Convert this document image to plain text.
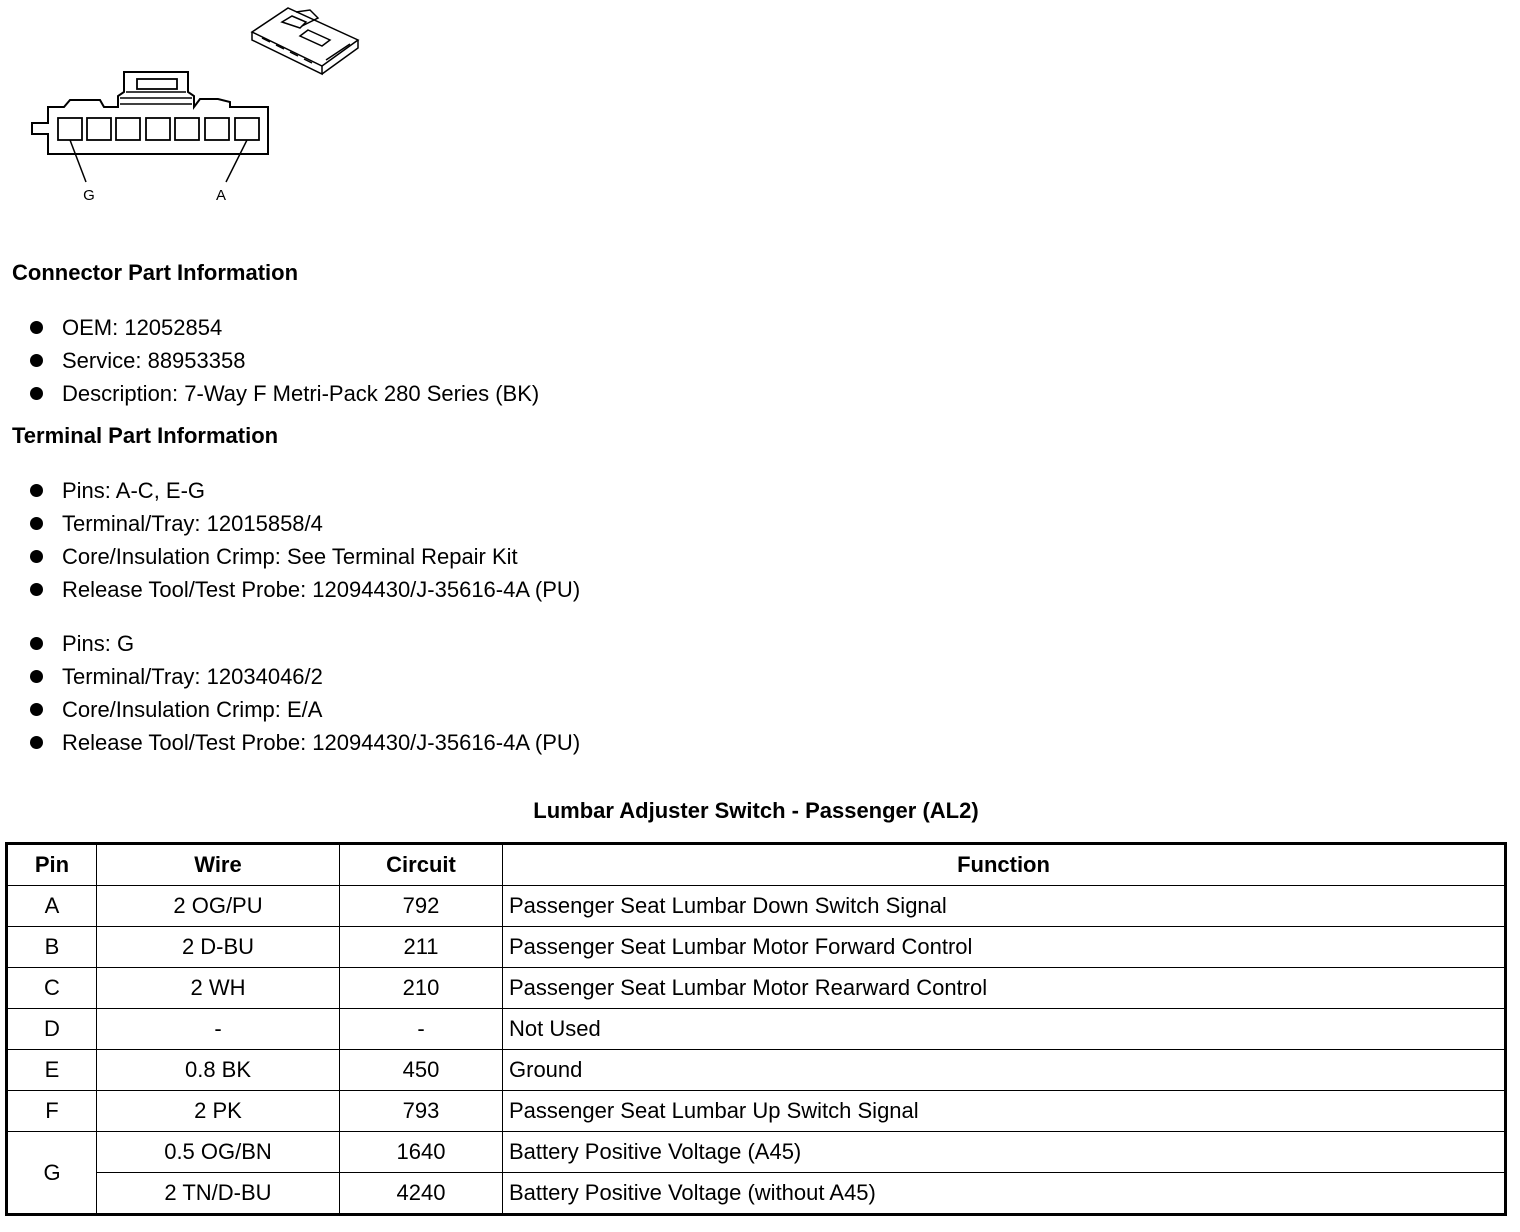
G	A
Connector Part Information
OEM: 12052854
Service: 88953358
Description: 7-Way F Metri-Pack 280 Series (BK)
Terminal Part Information
Pins: A-C, E-G
Terminal/Tray: 12015858/4
Core/Insulation Crimp: See Terminal Repair Kit
Release Tool/Test Probe: 12094430/J-35616-4A (PU)
Pins: G
Terminal/Tray: 12034046/2
Core/Insulation Crimp: E/A
Release Tool/Test Probe: 12094430/J-35616-4A (PU)
Lumbar Adjuster Switch - Passenger (AL2)
Pin	Wire	Circuit	Function
A	2 OG/PU	792	Passenger Seat Lumbar Down Switch Signal
B	2 D-BU	211	Passenger Seat Lumbar Motor Forward Control
C	2 WH	210	Passenger Seat Lumbar Motor Rearward Control
D	-	-	Not Used
E	0.8 BK	450	Ground
F	2 PK	793	Passenger Seat Lumbar Up Switch Signal
G	0.5 OG/BN	1640	Battery Positive Voltage (A45)
	2 TN/D-BU	4240	Battery Positive Voltage (without A45)
